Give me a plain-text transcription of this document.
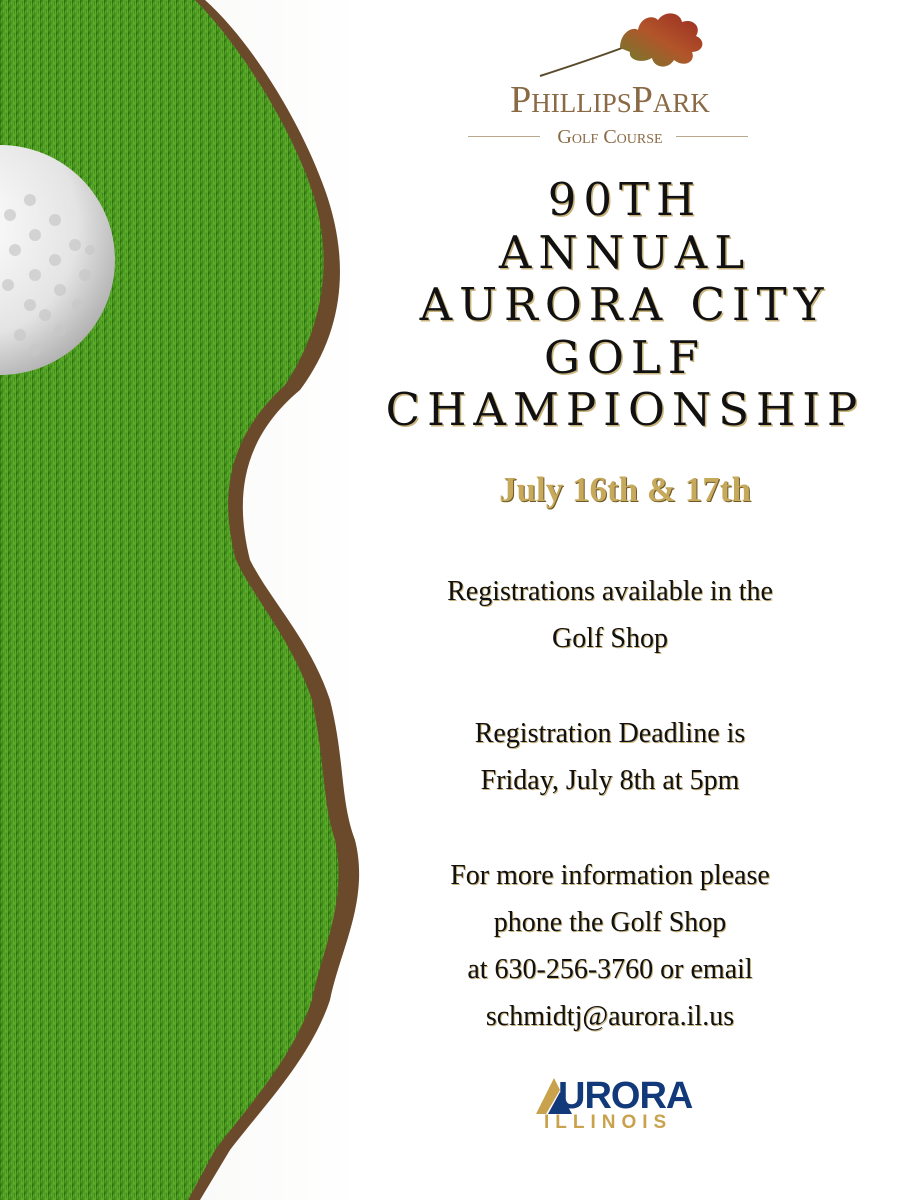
PhillipsPark
Golf Course
90TH
ANNUAL
AURORA CITY
GOLF
CHAMPIONSHIP
July 16th & 17th
Registrations available in the
Golf Shop
Registration Deadline is
Friday, July 8th at 5pm
For more information please
phone the Golf Shop
at 630-256-3760 or email
schmidtj@aurora.il.us
URORA
ILLINOIS
